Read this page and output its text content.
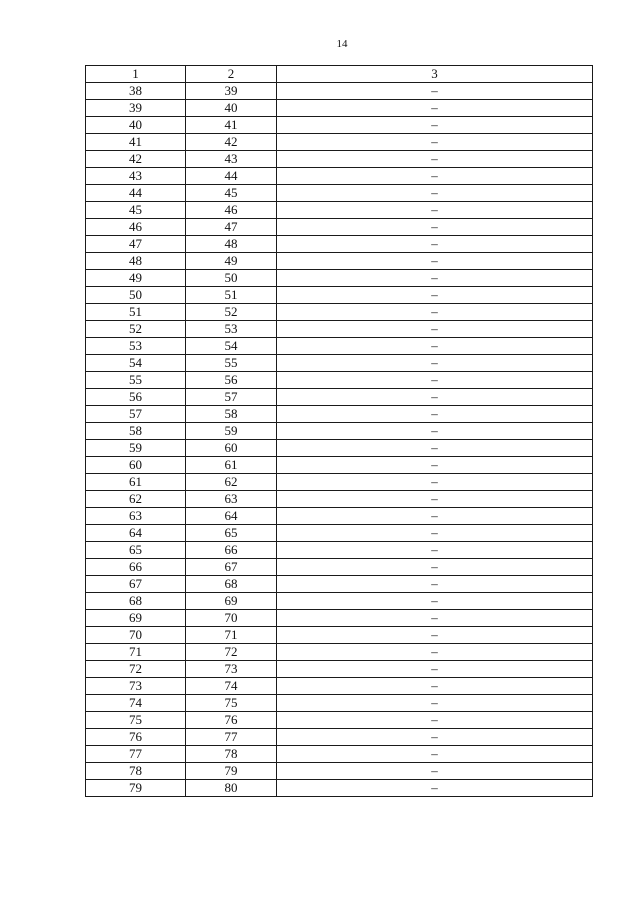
14
1	2	3
38	39	–
39	40	–
40	41	–
41	42	–
42	43	–
43	44	–
44	45	–
45	46	–
46	47	–
47	48	–
48	49	–
49	50	–
50	51	–
51	52	–
52	53	–
53	54	–
54	55	–
55	56	–
56	57	–
57	58	–
58	59	–
59	60	–
60	61	–
61	62	–
62	63	–
63	64	–
64	65	–
65	66	–
66	67	–
67	68	–
68	69	–
69	70	–
70	71	–
71	72	–
72	73	–
73	74	–
74	75	–
75	76	–
76	77	–
77	78	–
78	79	–
79	80	–
